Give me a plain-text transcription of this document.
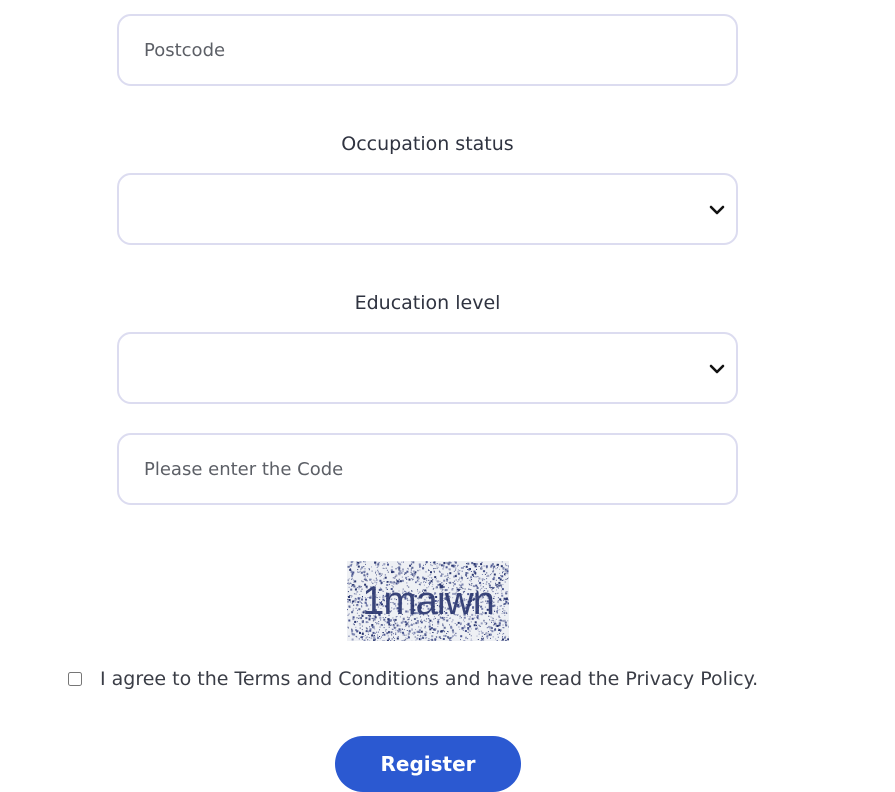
Postcode
Occupation status
Education level
Please enter the Code
1maiwn
I agree to the Terms and Conditions and have read the Privacy Policy.
Register
